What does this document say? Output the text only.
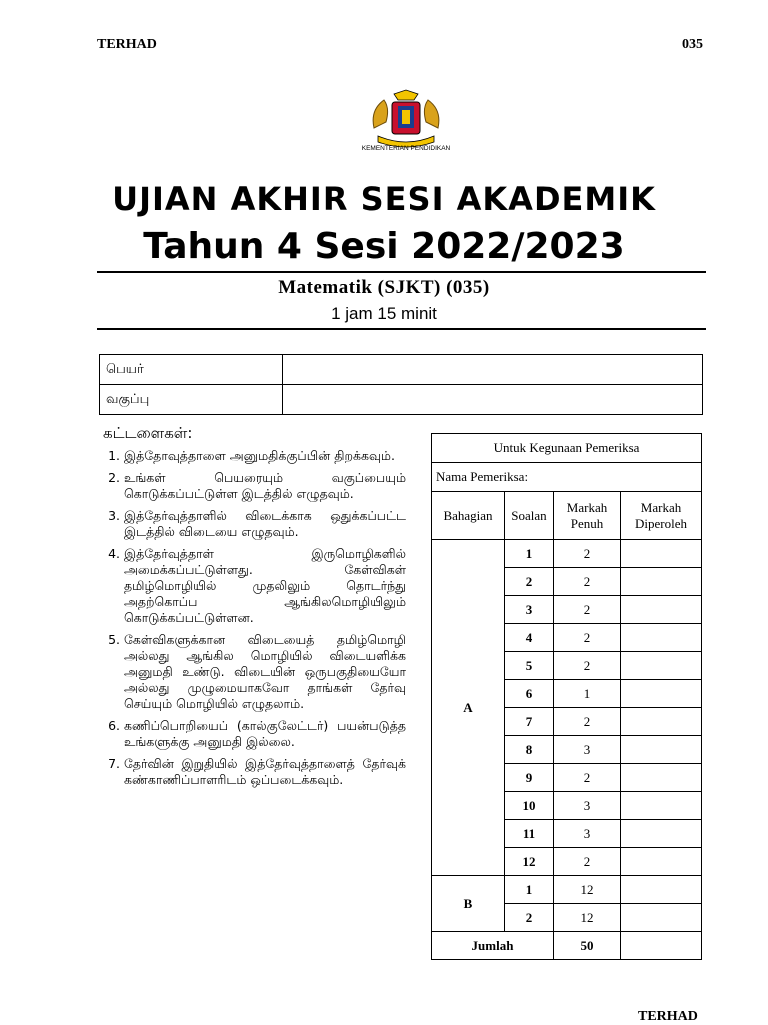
TERHAD	035
KEMENTERIAN PENDIDIKAN
UJIAN AKHIR SESI AKADEMIK
Tahun 4 Sesi 2022/2023
Matematik (SJKT) (035)
1 jam 15 minit
பெயர்	
வகுப்பு	
கட்டளைகள்:
1. இத்தோவுத்தாளை அனுமதிக்குப்பின் திறக்கவும்.
2. உங்கள் பெயரையும் வகுப்பையும் கொடுக்கப்பட்டுள்ள இடத்தில் எழுதவும்.
3. இத்தேர்வுத்தாளில் விடைக்காக ஒதுக்கப்பட்ட இடத்தில் விடையை எழுதவும்.
4. இத்தேர்வுத்தாள் இருமொழிகளில் அமைக்கப்பட்டுள்ளது. கேள்விகள் தமிழ்மொழியில் முதலிலும் தொடர்ந்து அதற்கொப்ப ஆங்கிலமொழியிலும் கொடுக்கப்பட்டுள்ளன.
5. கேள்விகளுக்கான விடையைத் தமிழ்மொழி அல்லது ஆங்கில மொழியில் விடையளிக்க அனுமதி உண்டு. விடையின் ஒருபகுதியையோ அல்லது முழுமையாகவோ தாங்கள் தேர்வு செய்யும் மொழியில் எழுதலாம்.
6. கணிப்பொறியைப் (கால்குலேட்டர்) பயன்படுத்த உங்களுக்கு அனுமதி இல்லை.
7. தேர்வின் இறுதியில் இத்தேர்வுத்தாளைத் தேர்வுக் கண்காணிப்பாளரிடம் ஒப்படைக்கவும்.
Untuk Kegunaan Pemeriksa			
Nama Pemeriksa:			
Bahagian	Soalan	Markah Penuh	Markah Diperoleh
A	1	2	
	2	2	
	3	2	
	4	2	
	5	2	
	6	1	
	7	2	
	8	3	
	9	2	
	10	3	
	11	3	
	12	2	
B	1	12	
	2	12	
Jumlah		50	
TERHAD
